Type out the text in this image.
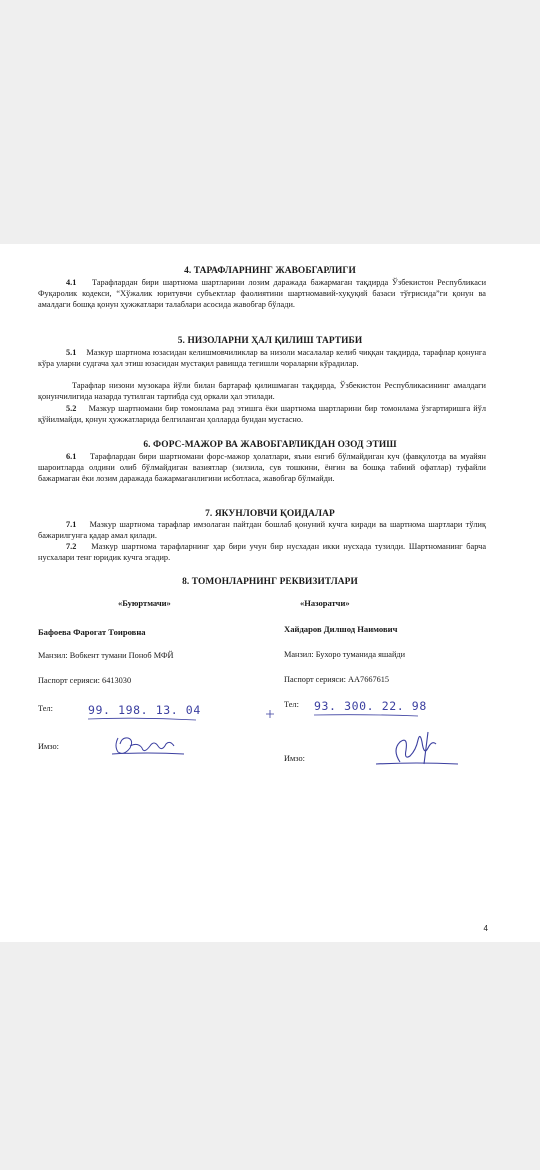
4. ТАРАФЛАРНИНГ ЖАВОБГАРЛИГИ

4.1 Тарафлардан бири шартнома шартларини лозим даражада бажармаган тақдирда Ўзбекистон Республикаси Фуқаролик кодекси, “Хўжалик юритувчи субъектлар фаолиятини шартномавий-хуқуқий базаси тўғрисида”ги қонун ва амалдаги бошқа қонун ҳужжатлари талаблари асосида жавобгар бўлади.

5. НИЗОЛАРНИ ҲАЛ ҚИЛИШ ТАРТИБИ

5.1 Мазкур шартнома юзасидан келишмовчиликлар ва низоли масалалар келиб чиққан тақдирда, тарафлар қонунга кўра уларни судгача ҳал этиш юзасидан мустақил равишда тегишли чораларни кўрадилар.

Тарафлар низони музокара йўли билан бартараф қилишмаган тақдирда, Ўзбекистон Республикасининг амалдаги қонунчилигида назарда тутилган тартибда суд оркали ҳал этилади.

5.2 Мазкур шартномани бир томонлама рад этишга ёки шартнома шартларини бир томонлама ўзгартиришга йўл қўйилмайди, қонун ҳужжатларида белгиланган ҳолларда бундан мустасно.

6. ФОРС-МАЖОР ВА ЖАВОБГАРЛИКДАН ОЗОД ЭТИШ

6.1 Тарафлардан бири шартномани форс-мажор ҳолатлари, яъни енгиб бўлмайдиган куч (фавқулотда ва муайян шароитларда олдини олиб бўлмайдиган вазиятлар (зилзила, сув тошкини, ёнғин ва бошқа табиий офатлар) туфайли бажармаган ёки лозим даражада бажармаганлигини исботласа, жавобгар бўлмайди.

7. ЯКУНЛОВЧИ ҚОИДАЛАР

7.1 Мазкур шартнома тарафлар имзолаган пайтдан бошлаб қонуний кучга киради ва шартнома шартлари тўлиқ бажарилгунга қадар амал қилади.

7.2 Мазкур шартнома тарафларнинг ҳар бири учун бир нусхадан икки нусхада тузилди. Шартноманинг барча нусхалари тенг юридик кучга эгадир.

8. ТОМОНЛАРНИНГ РЕКВИЗИТЛАРИ
«Буюртмачи»
Бафоева Фарогат Тоировна
Манзил: Вобкент тумани Поноб МФЙ
Паспорт серияси: 6413030
Тел:	99. 198. 13. 04
Имзо:
«Назоратчи»
Хайдаров Дилшод Наимович
Манзил: Бухоро туманида яшайди
Паспорт серияси: АА7667615
Тел: 93. 300. 22. 98
Имзо:
4
